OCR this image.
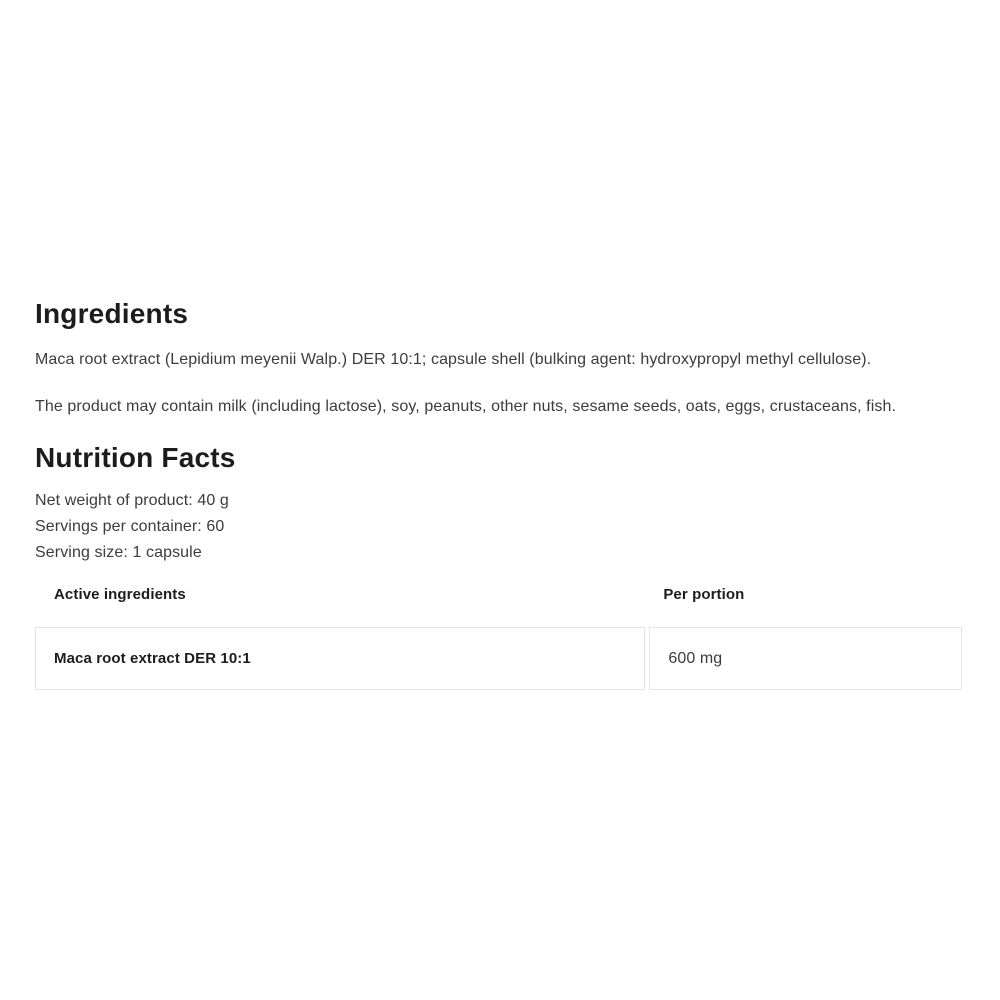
Ingredients

Maca root extract (Lepidium meyenii Walp.) DER 10:1; capsule shell (bulking agent: hydroxypropyl methyl cellulose).

The product may contain milk (including lactose), soy, peanuts, other nuts, sesame seeds, oats, eggs, crustaceans, fish.

Nutrition Facts
Net weight of product: 40 g
Servings per container: 60
Serving size: 1 capsule
Active ingredients	Per portion
Maca root extract DER 10:1	600 mg
